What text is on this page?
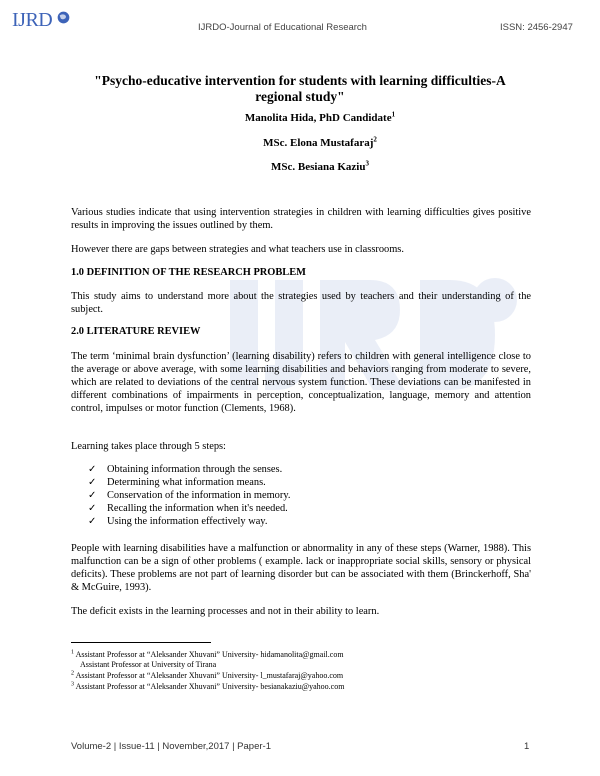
IJRD	IJRDO-Journal of Educational Research	ISSN: 2456-2947
"Psycho-educative intervention for students with learning difficulties-A regional study"
Manolita Hida, PhD Candidate$^1$
MSc. Elona Mustafaraj$^2$
MSc. Besiana Kaziu$^3$
Various studies indicate that using intervention strategies in children with learning difficulties gives positive results in improving the issues outlined by them.
However there are gaps between strategies and what teachers use in classrooms.
1.0 DEFINITION OF THE RESEARCH PROBLEM
This study aims to understand more about the strategies used by teachers and their understanding of the subject.
2.0 LITERATURE REVIEW
The term ‘minimal brain dysfunction’ (learning disability) refers to children with general intelligence close to the average or above average, with some learning disabilities and behaviors ranging from moderate to severe, which are related to deviations of the central nervous system function. These deviations can be manifested in different combinations of impairments in perception, conceptualization, language, memory and attention control, impulses or motor function (Clements, 1968).
Learning takes place through 5 steps:
✓ Obtaining information through the senses.
✓ Determining what information means.
✓ Conservation of the information in memory.
✓ Recalling the information when it's needed.
✓ Using the information effectively way.
People with learning disabilities have a malfunction or abnormality in any of these steps (Warner, 1988). This malfunction can be a sign of other problems ( example. lack or inappropriate social skills, sensory or physical deficits). These problems are not part of learning disorder but can be associated with them (Brinckerhoff, Sha' & McGuire, 1993).
The deficit exists in the learning processes and not in their ability to learn.
$^1$ Assistant Professor at “Aleksander Xhuvani” University- hidamanolita@gmail.com
Assistant Professor at University of Tirana
$^2$ Assistant Professor at “Aleksander Xhuvani” University- l_mustafaraj@yahoo.com
$^3$ Assistant Professor at “Aleksander Xhuvani” University- besianakaziu@yahoo.com
Volume-2 | Issue-11 | November,2017 | Paper-1	1
